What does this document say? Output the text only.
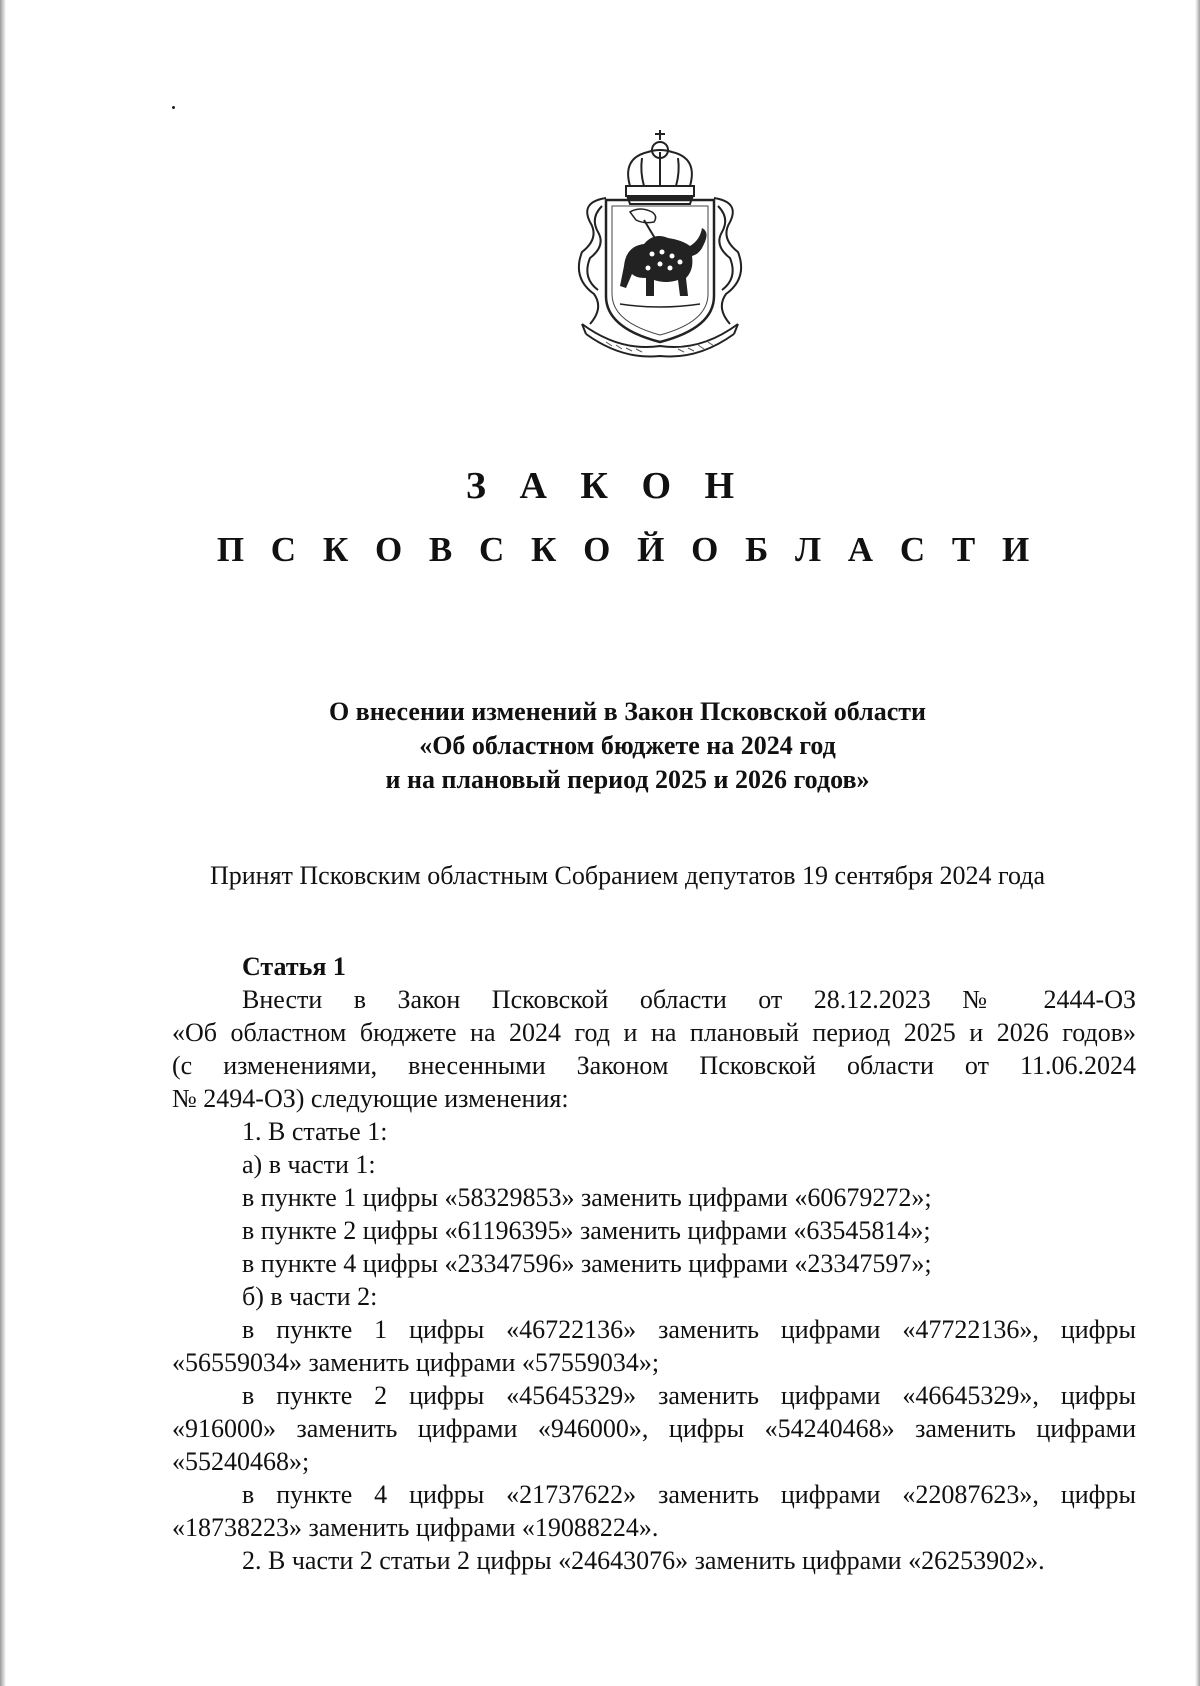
З А К О Н
П С К О В С К О Й О Б Л А С Т И
О внесении изменений в Закон Псковской области
«Об областном бюджете на 2024 год
и на плановый период 2025 и 2026 годов»
Принят Псковским областным Собранием депутатов 19 сентября 2024 года

Статья 1

Внести в Закон Псковской области от 28.12.2023 № 2444-ОЗ

«Об областном бюджете на 2024 год и на плановый период 2025 и 2026 годов»

(с изменениями, внесенными Законом Псковской области от 11.06.2024

№ 2494-ОЗ) следующие изменения:

1. В статье 1:

а) в части 1:

в пункте 1 цифры «58329853» заменить цифрами «60679272»;

в пункте 2 цифры «61196395» заменить цифрами «63545814»;

в пункте 4 цифры «23347596» заменить цифрами «23347597»;

б) в части 2:

в пункте 1 цифры «46722136» заменить цифрами «47722136», цифры

«56559034» заменить цифрами «57559034»;

в пункте 2 цифры «45645329» заменить цифрами «46645329», цифры

«916000» заменить цифрами «946000», цифры «54240468» заменить цифрами

«55240468»;

в пункте 4 цифры «21737622» заменить цифрами «22087623», цифры

«18738223» заменить цифрами «19088224».

2. В части 2 статьи 2 цифры «24643076» заменить цифрами «26253902».
